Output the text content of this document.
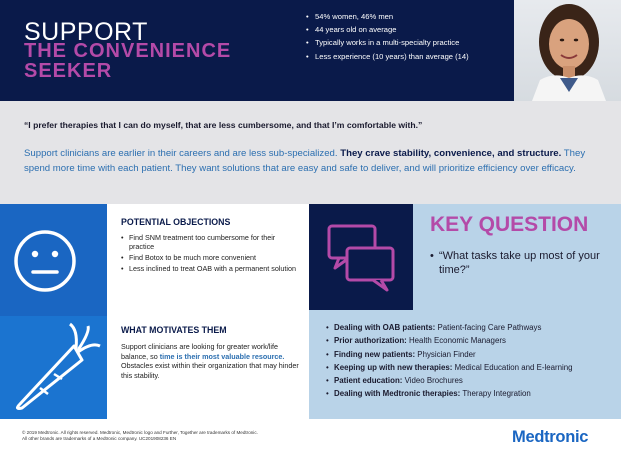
SUPPORT
THE CONVENIENCE
SEEKER
• 54% women, 46% men
• 44 years old on average
• Typically works in a multi-specialty practice
• Less experience (10 years) than average (14)
“I prefer therapies that I can do myself, that are less cumbersome, and that I’m comfortable with.”
Support clinicians are earlier in their careers and are less sub-specialized. They crave stability, convenience, and structure. They spend more time with each patient. They want solutions that are easy and safe to deliver, and will prioritize efficiency over efficacy.
POTENTIAL OBJECTIONS
• Find SNM treatment too cumbersome for their practice
• Find Botox to be much more convenient
• Less inclined to treat OAB with a permanent solution
WHAT MOTIVATES THEM
Support clinicians are looking for greater work/life balance, so time is their most valuable resource. Obstacles exist within their organization that may hinder this stability.
KEY QUESTION
• “What tasks take up most of your time?”
• Dealing with OAB patients: Patient-facing Care Pathways
• Prior authorization: Health Economic Managers
• Finding new patients: Physician Finder
• Keeping up with new therapies: Medical Education and E-learning
• Patient education: Video Brochures
• Dealing with Medtronic therapies: Therapy Integration
© 2019 Medtronic. All rights reserved. Medtronic, Medtronic logo and Further, Together are trademarks of Medtronic.
All other brands are trademarks of a Medtronic company. UC201908236 EN	Medtronic
